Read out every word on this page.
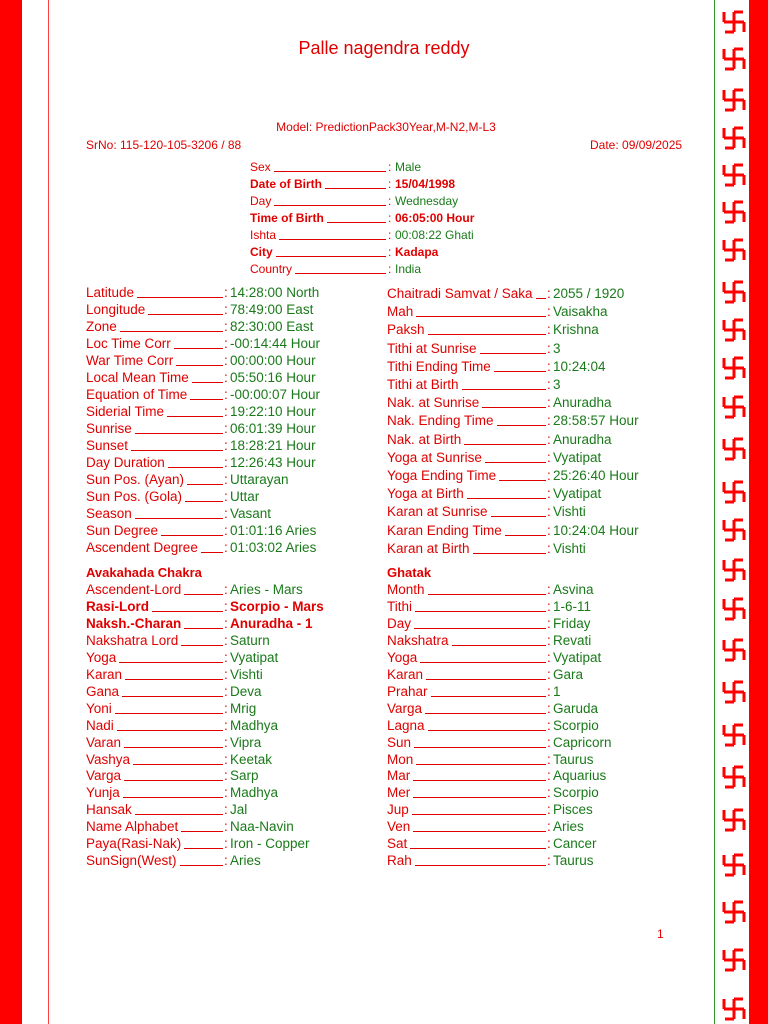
Palle nagendra reddy
Model: PredictionPack30Year,M-N2,M-L3
SrNo: 115-120-105-3206 / 88	Date: 09/09/2025
Sex	: Male
Date of Birth	: 15/04/1998
Day	: Wednesday
Time of Birth	: 06:05:00 Hour
Ishta	: 00:08:22 Ghati
City	: Kadapa
Country	: India
Latitude	: 14:28:00 North
Longitude	: 78:49:00 East
Zone	: 82:30:00 East
Loc Time Corr	: -00:14:44 Hour
War Time Corr	: 00:00:00 Hour
Local Mean Time	: 05:50:16 Hour
Equation of Time	: -00:00:07 Hour
Siderial Time	: 19:22:10 Hour
Sunrise	: 06:01:39 Hour
Sunset	: 18:28:21 Hour
Day Duration	: 12:26:43 Hour
Sun Pos. (Ayan)	: Uttarayan
Sun Pos. (Gola)	: Uttar
Season	: Vasant
Sun Degree	: 01:01:16 Aries
Ascendent Degree : 01:03:02 Aries
Chaitradi Samvat / Saka : 2055 / 1920
Mah	: Vaisakha
Paksh	: Krishna
Tithi at Sunrise	: 3
Tithi Ending Time	: 10:24:04
Tithi at Birth	: 3
Nak. at Sunrise	: Anuradha
Nak. Ending Time	: 28:58:57 Hour
Nak. at Birth	: Anuradha
Yoga at Sunrise	: Vyatipat
Yoga Ending Time	: 25:26:40 Hour
Yoga at Birth	: Vyatipat
Karan at Sunrise	: Vishti
Karan Ending Time	: 10:24:04 Hour
Karan at Birth	: Vishti
Avakahada Chakra	Ghatak
Ascendent-Lord	: Aries - Mars
Rasi-Lord	: Scorpio - Mars
Naksh.-Charan	: Anuradha - 1
Nakshatra Lord	: Saturn
Yoga	: Vyatipat
Karan	: Vishti
Gana	: Deva
Yoni	: Mrig
Nadi	: Madhya
Varan	: Vipra
Vashya	: Keetak
Varga	: Sarp
Yunja	: Madhya
Hansak	: Jal
Name Alphabet	: Naa-Navin
Paya(Rasi-Nak)	: Iron - Copper
SunSign(West)	: Aries
Month	: Asvina
Tithi	: 1-6-11
Day	: Friday
Nakshatra	: Revati
Yoga	: Vyatipat
Karan	: Gara
Prahar	: 1
Varga	: Garuda
Lagna	: Scorpio
Sun	: Capricorn
Mon	: Taurus
Mar	: Aquarius
Mer	: Scorpio
Jup	: Pisces
Ven	: Aries
Sat	: Cancer
Rah	: Taurus
1
